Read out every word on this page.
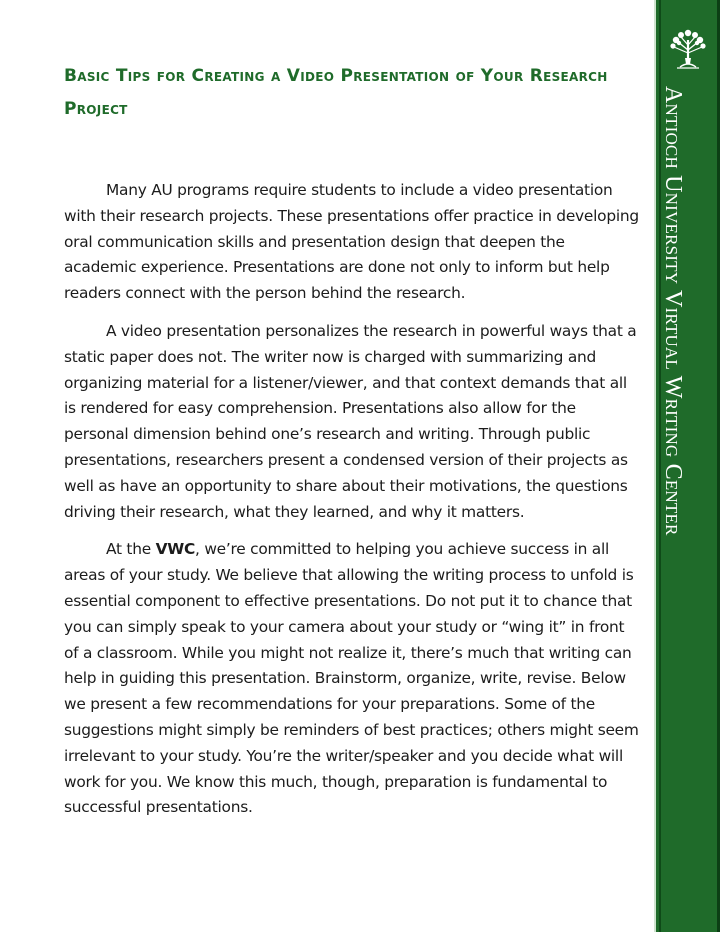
Basic Tips for Creating a Video Presentation of Your Research Project

Many AU programs require students to include a video presentation with their research projects. These presentations offer practice in developing oral communication skills and presentation design that deepen the academic experience. Presentations are done not only to inform but help readers connect with the person behind the research.

A video presentation personalizes the research in powerful ways that a static paper does not. The writer now is charged with summarizing and organizing material for a listener/viewer, and that context demands that all is rendered for easy comprehension. Presentations also allow for the personal dimension behind one’s research and writing. Through public presentations, researchers present a condensed version of their projects as well as have an opportunity to share about their motivations, the questions driving their research, what they learned, and why it matters.

At the VWC, we’re committed to helping you achieve success in all areas of your study. We believe that allowing the writing process to unfold is essential component to effective presentations. Do not put it to chance that you can simply speak to your camera about your study or “wing it” in front of a classroom. While you might not realize it, there’s much that writing can help in guiding this presentation. Brainstorm, organize, write, revise. Below we present a few recommendations for your preparations. Some of the suggestions might simply be reminders of best practices; others might seem irrelevant to your study. You’re the writer/speaker and you decide what will work for you. We know this much, though, preparation is fundamental to successful presentations.

Antioch University Virtual Writing Center
